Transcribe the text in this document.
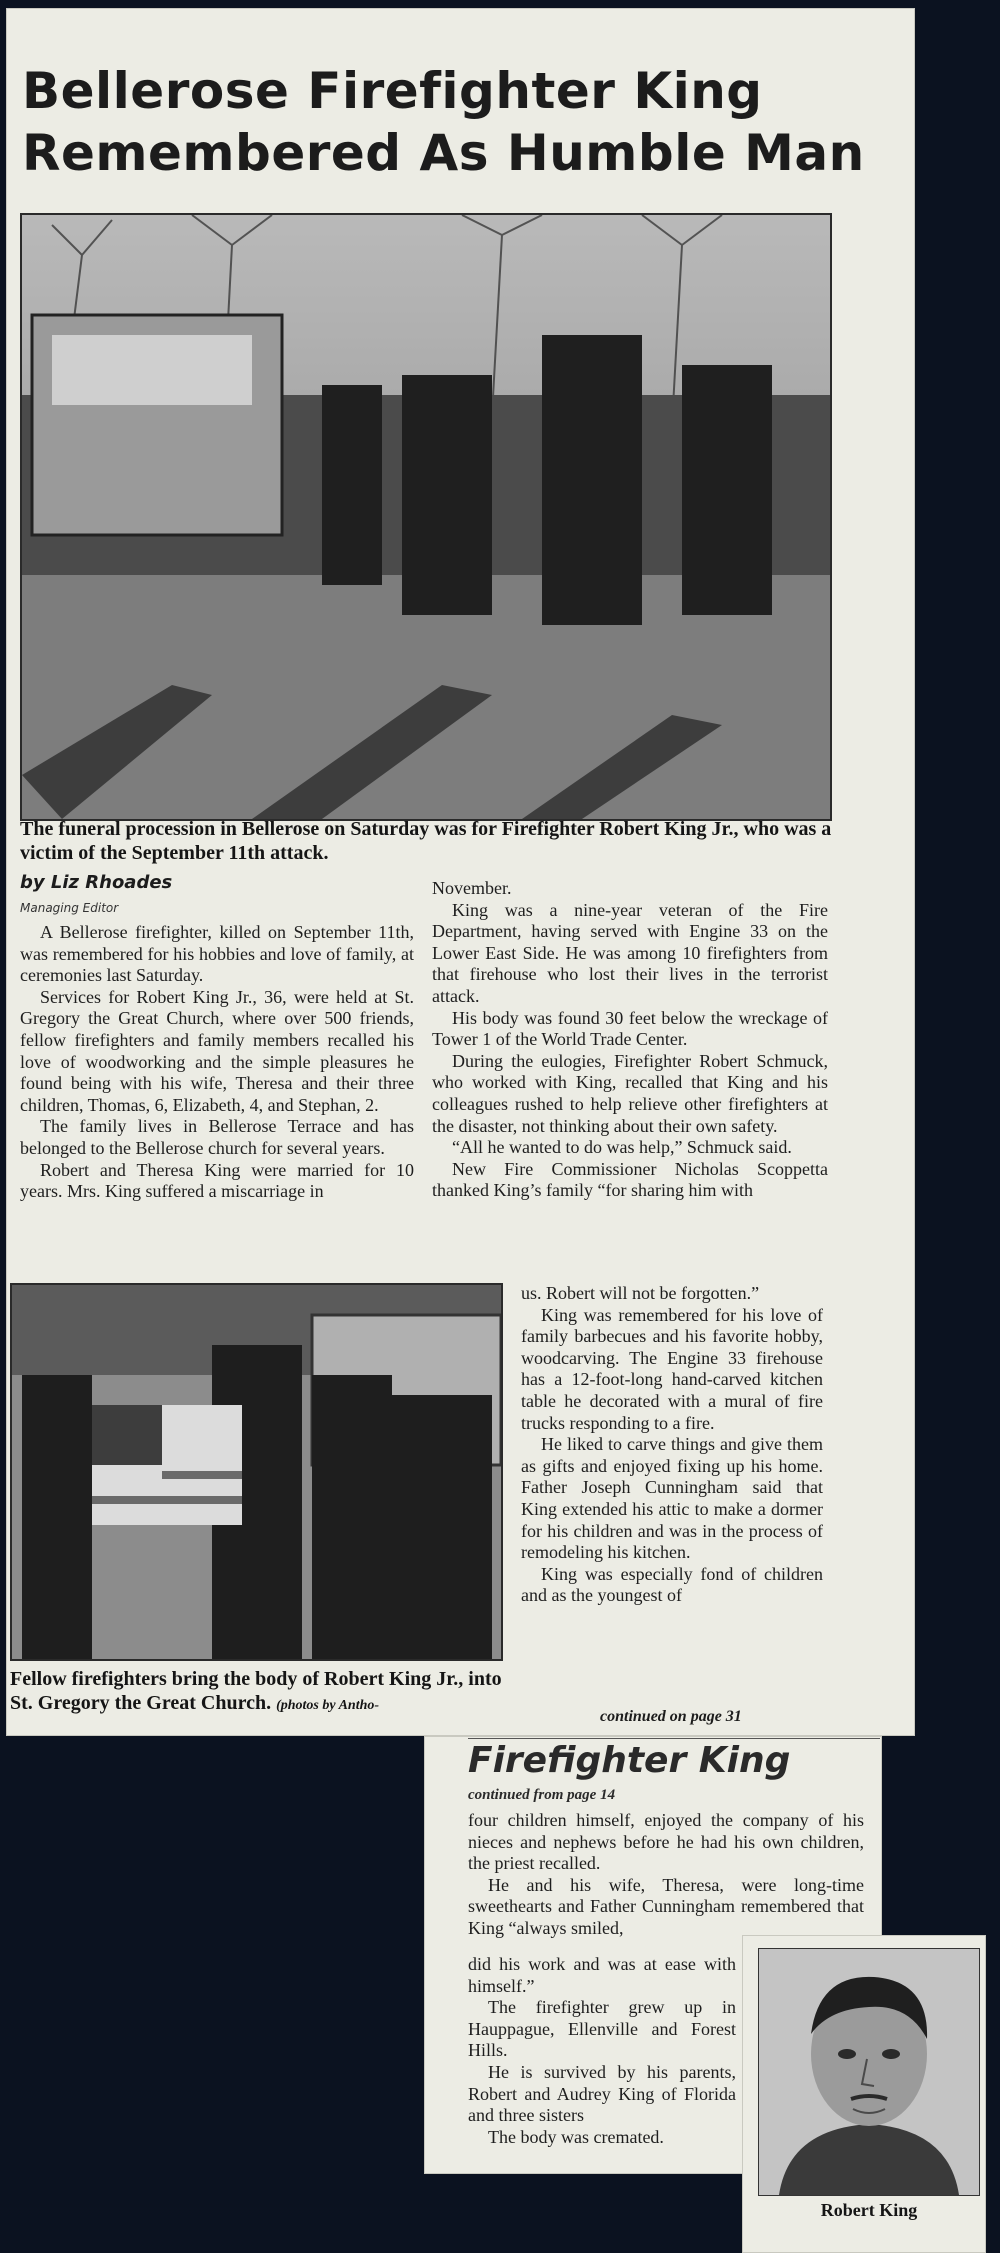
Bellerose Firefighter King
Remembered As Humble Man
The funeral procession in Bellerose on Saturday was for Firefighter Robert King Jr., who was a victim of the September 11th attack.
by Liz Rhoades
Managing Editor

A Bellerose firefighter, killed on September 11th, was remembered for his hobbies and love of family, at ceremonies last Saturday.

Services for Robert King Jr., 36, were held at St. Gregory the Great Church, where over 500 friends, fellow firefighters and family members recalled his love of woodworking and the simple pleasures he found being with his wife, Theresa and their three children, Thomas, 6, Elizabeth, 4, and Stephan, 2.

The family lives in Bellerose Terrace and has belonged to the Bellerose church for several years.

Robert and Theresa King were married for 10 years. Mrs. King suffered a miscarriage in

November.

King was a nine-year veteran of the Fire Department, having served with Engine 33 on the Lower East Side. He was among 10 firefighters from that firehouse who lost their lives in the terrorist attack.

His body was found 30 feet below the wreckage of Tower 1 of the World Trade Center.

During the eulogies, Firefighter Robert Schmuck, who worked with King, recalled that King and his colleagues rushed to help relieve other firefighters at the disaster, not thinking about their own safety.

“All he wanted to do was help,” Schmuck said.

New Fire Commissioner Nicholas Scoppetta thanked King’s family “for sharing him with

us. Robert will not be forgotten.”

King was remembered for his love of family barbecues and his favorite hobby, woodcarving. The Engine 33 firehouse has a 12-foot-long hand-carved kitchen table he decorated with a mural of fire trucks responding to a fire.

He liked to carve things and give them as gifts and enjoyed fixing up his home. Father Joseph Cunningham said that King extended his attic to make a dormer for his children and was in the process of remodeling his kitchen.

King was especially fond of children and as the youngest of

Fellow firefighters bring the body of Robert King Jr., into St. Gregory the Great Church. (photos by Antho-
continued on page 31
Firefighter King
continued from page 14

four children himself, enjoyed the company of his nieces and nephews before he had his own children, the priest recalled.

He and his wife, Theresa, were long-time sweethearts and Father Cunningham remembered that King “always smiled,

did his work and was at ease with himself.”

The firefighter grew up in Hauppague, Ellenville and Forest Hills.

He is survived by his parents, Robert and Audrey King of Florida and three sisters

The body was cremated.

Robert King
